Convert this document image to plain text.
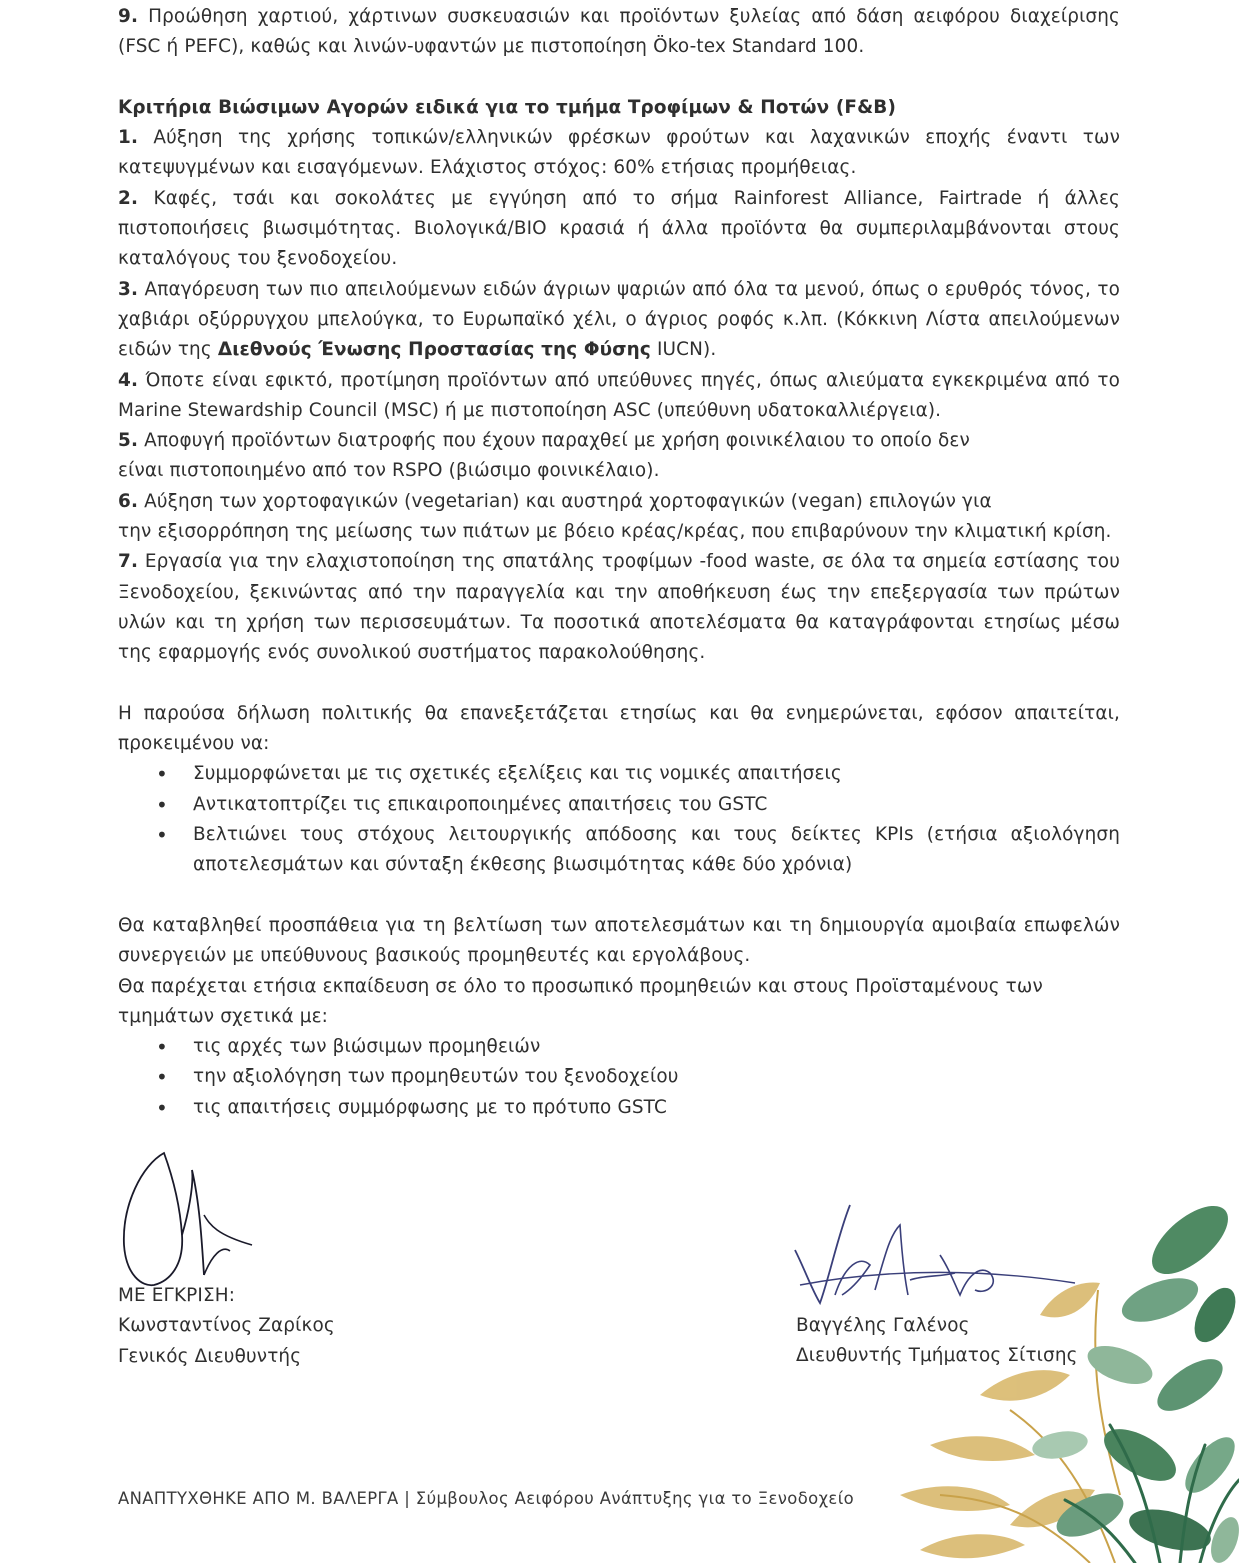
9. Προώθηση χαρτιού, χάρτινων συσκευασιών και προϊόντων ξυλείας από δάση αειφόρου διαχείρισης (FSC ή PEFC), καθώς και λινών-υφαντών με πιστοποίηση Öko-tex Standard 100.

Κριτήρια Βιώσιμων Αγορών ειδικά για το τμήμα Τροφίμων & Ποτών (F&B)

1. Αύξηση της χρήσης τοπικών/ελληνικών φρέσκων φρούτων και λαχανικών εποχής έναντι των κατεψυγμένων και εισαγόμενων. Ελάχιστος στόχος: 60% ετήσιας προμήθειας.

2. Καφές, τσάι και σοκολάτες με εγγύηση από το σήμα Rainforest Alliance, Fairtrade ή άλλες πιστοποιήσεις βιωσιμότητας. Βιολογικά/BIO κρασιά ή άλλα προϊόντα θα συμπεριλαμβάνονται στους καταλόγους του ξενοδοχείου.

3. Απαγόρευση των πιο απειλούμενων ειδών άγριων ψαριών από όλα τα μενού, όπως ο ερυθρός τόνος, το χαβιάρι οξύρρυγχου μπελούγκα, το Ευρωπαϊκό χέλι, ο άγριος ροφός κ.λπ. (Κόκκινη Λίστα απειλούμενων ειδών της Διεθνούς Ένωσης Προστασίας της Φύσης IUCN).

4. Όποτε είναι εφικτό, προτίμηση προϊόντων από υπεύθυνες πηγές, όπως αλιεύματα εγκεκριμένα από το Marine Stewardship Council (MSC) ή με πιστοποίηση ASC (υπεύθυνη υδατοκαλλιέργεια).

5. Αποφυγή προϊόντων διατροφής που έχουν παραχθεί με χρήση φοινικέλαιου το οποίο δεν
είναι πιστοποιημένο από τον RSPO (βιώσιμο φοινικέλαιο).

6. Αύξηση των χορτοφαγικών (vegetarian) και αυστηρά χορτοφαγικών (vegan) επιλογών για
την εξισορρόπηση της μείωσης των πιάτων με βόειο κρέας/κρέας, που επιβαρύνουν την κλιματική κρίση.

7. Εργασία για την ελαχιστοποίηση της σπατάλης τροφίμων -food waste, σε όλα τα σημεία εστίασης του Ξενοδοχείου, ξεκινώντας από την παραγγελία και την αποθήκευση έως την επεξεργασία των πρώτων υλών και τη χρήση των περισσευμάτων. Τα ποσοτικά αποτελέσματα θα καταγράφονται ετησίως μέσω της εφαρμογής ενός συνολικού συστήματος παρακολούθησης.

Η παρούσα δήλωση πολιτικής θα επανεξετάζεται ετησίως και θα ενημερώνεται, εφόσον απαιτείται, προκειμένου να:

• Συμμορφώνεται με τις σχετικές εξελίξεις και τις νομικές απαιτήσεις
• Αντικατοπτρίζει τις επικαιροποιημένες απαιτήσεις του GSTC
• Βελτιώνει τους στόχους λειτουργικής απόδοσης και τους δείκτες KPIs (ετήσια αξιολόγηση αποτελεσμάτων και σύνταξη έκθεσης βιωσιμότητας κάθε δύο χρόνια)

Θα καταβληθεί προσπάθεια για τη βελτίωση των αποτελεσμάτων και τη δημιουργία αμοιβαία επωφελών συνεργειών με υπεύθυνους βασικούς προμηθευτές και εργολάβους.

Θα παρέχεται ετήσια εκπαίδευση σε όλο το προσωπικό προμηθειών και στους Προϊσταμένους των τμημάτων σχετικά με:

• τις αρχές των βιώσιμων προμηθειών
• την αξιολόγηση των προμηθευτών του ξενοδοχείου
• τις απαιτήσεις συμμόρφωσης με το πρότυπο GSTC

ΜΕ ΕΓΚΡΙΣΗ:

Κωνσταντίνος Ζαρίκος

Γενικός Διευθυντής

Βαγγέλης Γαλένος

Διευθυντής Τμήματος Σίτισης

ΑΝΑΠΤΥΧΘΗΚΕ ΑΠΟ Μ. ΒΑΛΕΡΓΑ | Σύμβουλος Αειφόρου Ανάπτυξης για το Ξενοδοχείο
